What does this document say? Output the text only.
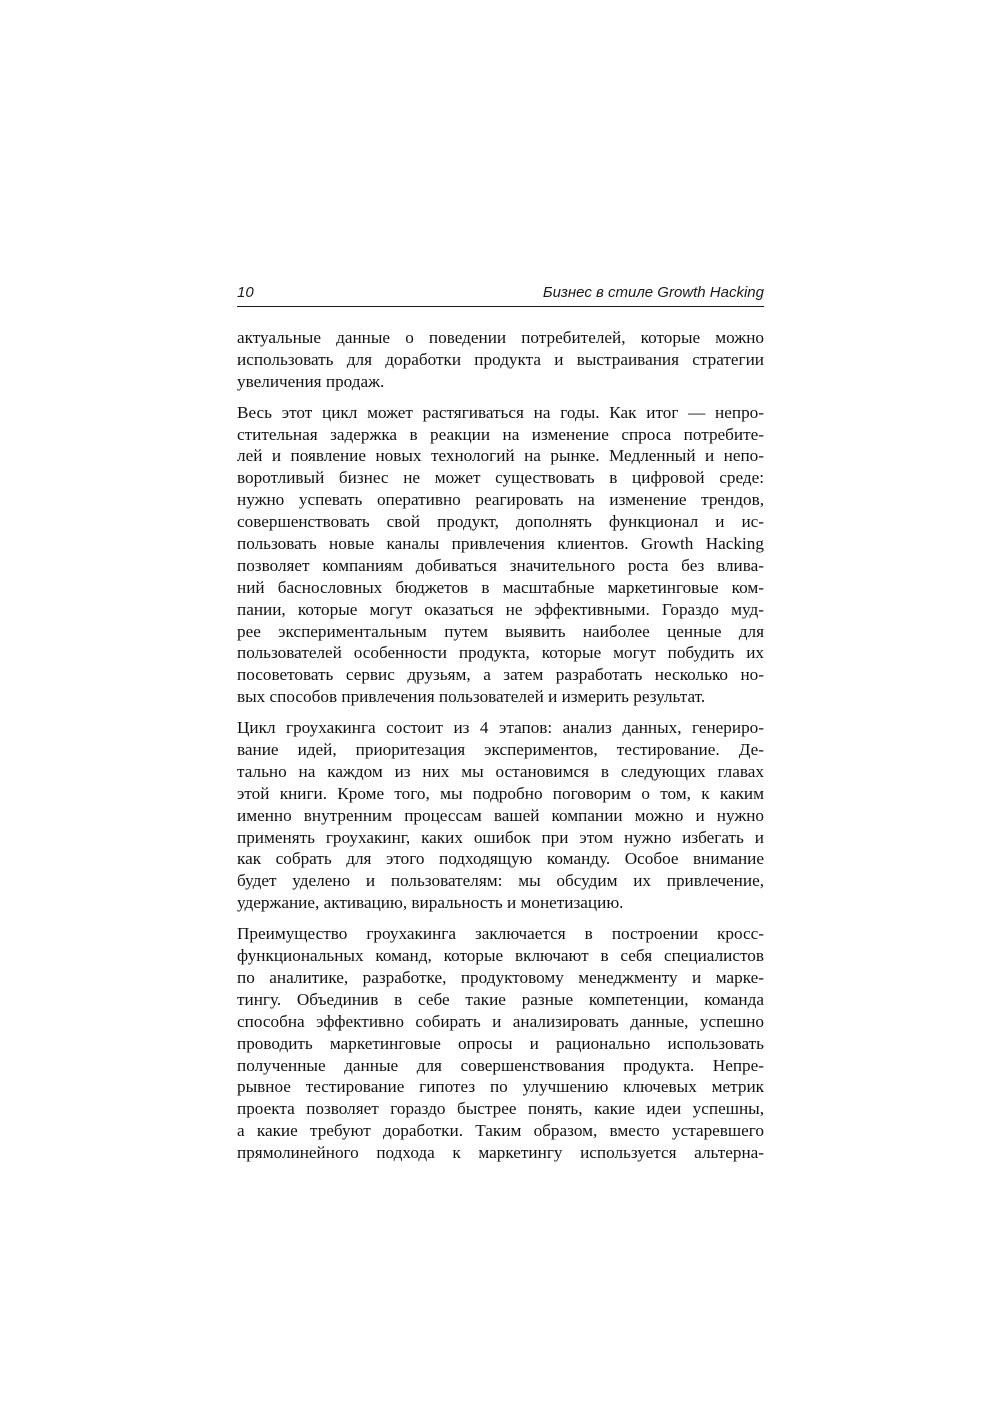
10	Бизнес в стиле Growth Hacking

актуальные данные о поведении потребителей, которые можно
использовать для доработки продукта и выстраивания стратегии
увеличения продаж.

Весь этот цикл может растягиваться на годы. Как итог — непро-
стительная задержка в реакции на изменение спроса потребите-
лей и появление новых технологий на рынке. Медленный и непо-
воротливый бизнес не может существовать в цифровой среде:
нужно успевать оперативно реагировать на изменение трендов,
совершенствовать свой продукт, дополнять функционал и ис-
пользовать новые каналы привлечения клиентов. Growth Hacking
позволяет компаниям добиваться значительного роста без влива-
ний баснословных бюджетов в масштабные маркетинговые ком-
пании, которые могут оказаться не эффективными. Гораздо муд-
рее экспериментальным путем выявить наиболее ценные для
пользователей особенности продукта, которые могут побудить их
посоветовать сервис друзьям, а затем разработать несколько но-
вых способов привлечения пользователей и измерить результат.

Цикл гроухакинга состоит из 4 этапов: анализ данных, генериро-
вание идей, приоритезация экспериментов, тестирование. Де-
тально на каждом из них мы остановимся в следующих главах
этой книги. Кроме того, мы подробно поговорим о том, к каким
именно внутренним процессам вашей компании можно и нужно
применять гроухакинг, каких ошибок при этом нужно избегать и
как собрать для этого подходящую команду. Особое внимание
будет уделено и пользователям: мы обсудим их привлечение,
удержание, активацию, виральность и монетизацию.

Преимущество гроухакинга заключается в построении кросс-
функциональных команд, которые включают в себя специалистов
по аналитике, разработке, продуктовому менеджменту и марке-
тингу. Объединив в себе такие разные компетенции, команда
способна эффективно собирать и анализировать данные, успешно
проводить маркетинговые опросы и рационально использовать
полученные данные для совершенствования продукта. Непре-
рывное тестирование гипотез по улучшению ключевых метрик
проекта позволяет гораздо быстрее понять, какие идеи успешны,
а какие требуют доработки. Таким образом, вместо устаревшего
прямолинейного подхода к маркетингу используется альтерна-
